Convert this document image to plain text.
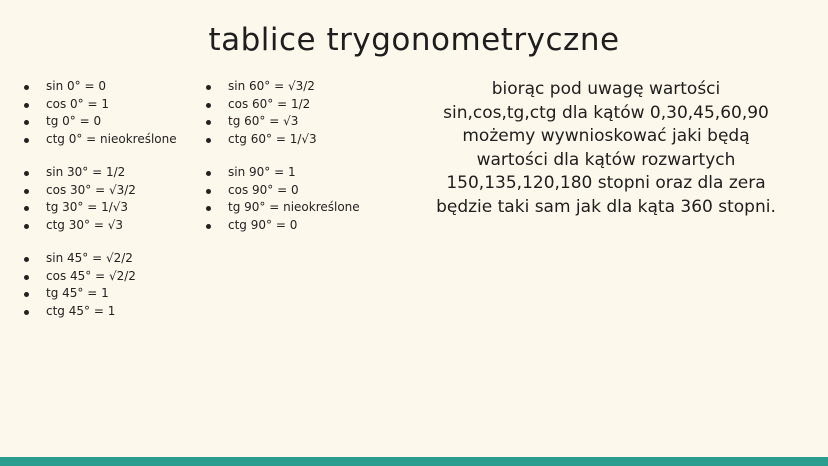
tablice trygonometryczne
sin 0° = 0
cos 0° = 1
tg 0° = 0
ctg 0° = nieokreślone
sin 30° = 1/2
cos 30° = √3/2
tg 30° = 1/√3
ctg 30° = √3
sin 45° = √2/2
cos 45° = √2/2
tg 45° = 1
ctg 45° = 1
sin 60° = √3/2
cos 60° = 1/2
tg 60° = √3
ctg 60° = 1/√3
sin 90° = 1
cos 90° = 0
tg 90° = nieokreślone
ctg 90° = 0
biorąc pod uwagę wartości
sin,cos,tg,ctg dla kątów 0,30,45,60,90
możemy wywnioskować jaki będą
wartości dla kątów rozwartych
150,135,120,180 stopni oraz dla zera
będzie taki sam jak dla kąta 360 stopni.
